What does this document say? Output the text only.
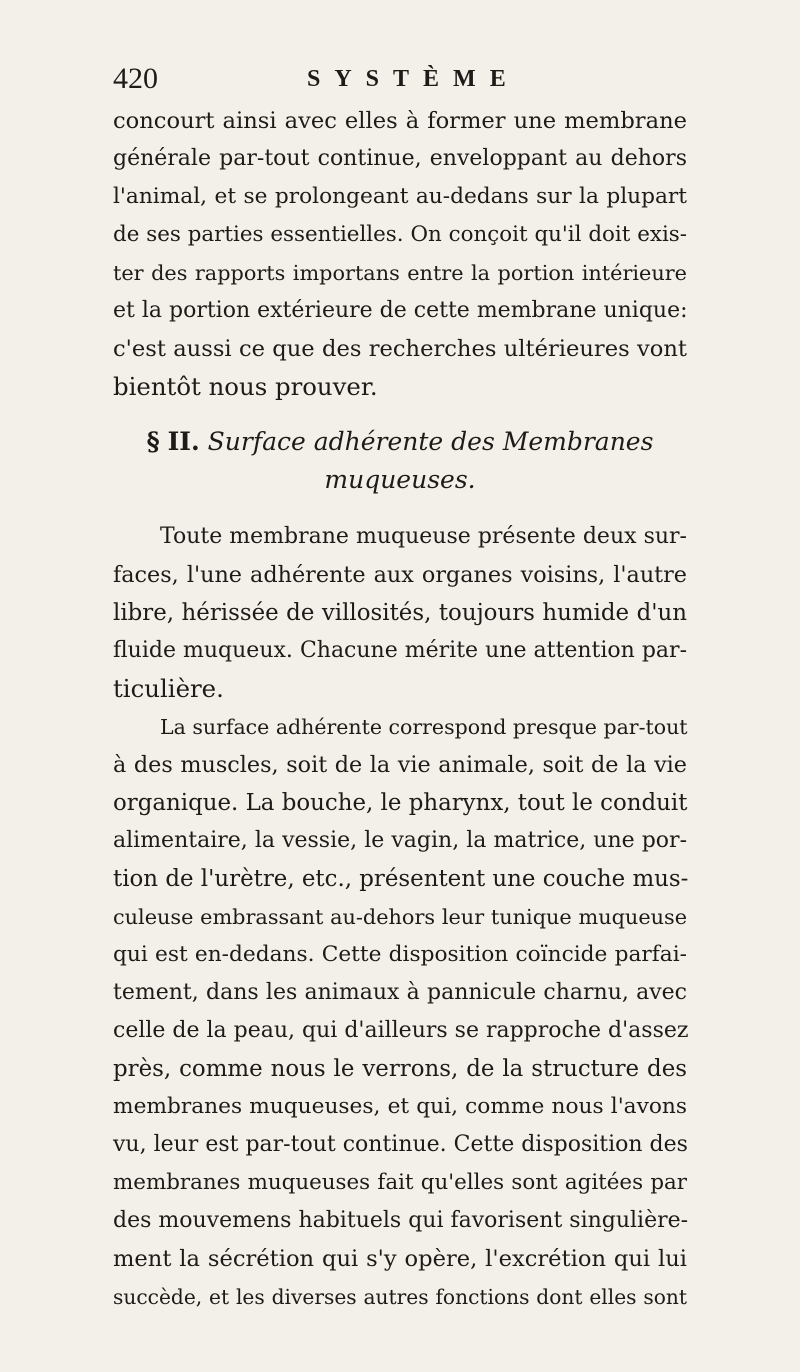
420	SYSTÈME
concourt ainsi avec elles à former une membrane
générale par-tout continue, enveloppant au dehors
l'animal, et se prolongeant au-dedans sur la plupart
de ses parties essentielles. On conçoit qu'il doit exis-
ter des rapports importans entre la portion intérieure
et la portion extérieure de cette membrane unique:
c'est aussi ce que des recherches ultérieures vont
bientôt nous prouver.
§ II. Surface adhérente des Membranes
muqueuses.
Toute membrane muqueuse présente deux sur-
faces, l'une adhérente aux organes voisins, l'autre
libre, hérissée de villosités, toujours humide d'un
fluide muqueux. Chacune mérite une attention par-
ticulière.
La surface adhérente correspond presque par-tout
à des muscles, soit de la vie animale, soit de la vie
organique. La bouche, le pharynx, tout le conduit
alimentaire, la vessie, le vagin, la matrice, une por-
tion de l'urètre, etc., présentent une couche mus-
culeuse embrassant au-dehors leur tunique muqueuse
qui est en-dedans. Cette disposition coïncide parfai-
tement, dans les animaux à pannicule charnu, avec
celle de la peau, qui d'ailleurs se rapproche d'assez
près, comme nous le verrons, de la structure des
membranes muqueuses, et qui, comme nous l'avons
vu, leur est par-tout continue. Cette disposition des
membranes muqueuses fait qu'elles sont agitées par
des mouvemens habituels qui favorisent singulière-
ment la sécrétion qui s'y opère, l'excrétion qui lui
succède, et les diverses autres fonctions dont elles sont
